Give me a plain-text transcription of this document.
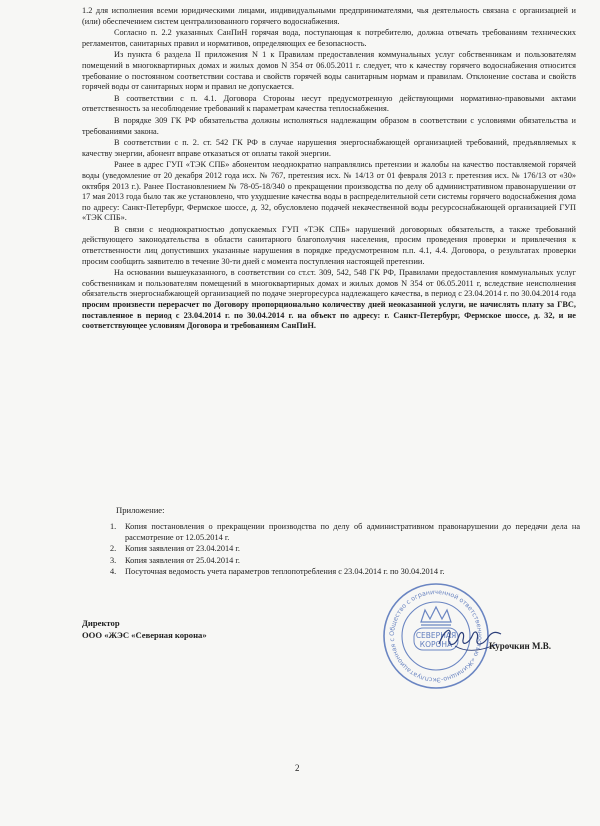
1.2 для исполнения всеми юридическими лицами, индивидуальными предпринимателями, чья деятельность связана с организацией и (или) обеспечением систем централизованного горячего водоснабжения.

Согласно п. 2.2 указанных СанПиН горячая вода, поступающая к потребителю, должна отвечать требованиям технических регламентов, санитарных правил и нормативов, определяющих ее безопасность.

Из пункта 6 раздела II приложения N 1 к Правилам предоставления коммунальных услуг собственникам и пользователям помещений в многоквартирных домах и жилых домов N 354 от 06.05.2011 г. следует, что к качеству горячего водоснабжения относится требование о постоянном соответствии состава и свойств горячей воды санитарным нормам и правилам. Отклонение состава и свойств горячей воды от санитарных норм и правил не допускается.

В соответствии с п. 4.1. Договора Стороны несут предусмотренную действующими нормативно-правовыми актами ответственность за несоблюдение требований к параметрам качества теплоснабжения.

В порядке 309 ГК РФ обязательства должны исполняться надлежащим образом в соответствии с условиями обязательства и требованиями закона.

В соответствии с п. 2. ст. 542 ГК РФ в случае нарушения энергоснабжающей организацией требований, предъявляемых к качеству энергии, абонент вправе отказаться от оплаты такой энергии.

Ранее в адрес ГУП «ТЭК СПБ» абонентом неоднократно направлялись претензии и жалобы на качество поставляемой горячей воды (уведомление от 20 декабря 2012 года исх. № 767, претензия исх. № 14/13 от 01 февраля 2013 г. претензия исх. № 176/13 от «30» октября 2013 г.). Ранее Постановлением № 78-05-18/340 о прекращении производства по делу об административном правонарушении от 17 мая 2013 года было так же установлено, что ухудшение качества воды в распределительной сети системы горячего водоснабжения дома по адресу: Санкт-Петербург, Фермское шоссе, д. 32, обусловлено подачей некачественной воды ресурсоснабжающей организацией ГУП «ТЭК СПБ».

В связи с неоднократностью допускаемых ГУП «ТЭК СПБ» нарушений договорных обязательств, а также требований действующего законодательства в области санитарного благополучия населения, просим проведения проверки и привлечения к ответственности лиц допустивших указанные нарушения в порядке предусмотренном п.п. 4.1, 4.4. Договора, о результатах проверки просим сообщить заявителю в течение 30-ти дней с момента поступления настоящей претензии.

На основании вышеуказанного, в соответствии со ст.ст. 309, 542, 548 ГК РФ, Правилами предоставления коммунальных услуг собственникам и пользователям помещений в многоквартирных домах и жилых домов N 354 от 06.05.2011 г, вследствие неисполнения обязательств энергоснабжающей организацией по подаче энергоресурса надлежащего качества, в период с 23.04.2014 г. по 30.04.2014 года просим произвести перерасчет по Договору пропорционально количеству дней неоказанной услуги, не начислять плату за ГВС, поставленное в период с 23.04.2014 г. по 30.04.2014 г. на объект по адресу: г. Санкт-Петербург, Фермское шоссе, д. 32, и не соответствующее условиям Договора и требованиям СанПиН.

Приложение:
1.	Копия постановления о прекращении производства по делу об административном правонарушении до передачи дела на рассмотрение от 12.05.2014 г.
2.	Копия заявления от 23.04.2014 г.
3.	Копия заявления от 25.04.2014 г.
4.	Посуточная ведомость учета параметров теплопотребления с 23.04.2014 г. по 30.04.2014 г.
Директор
ООО «ЖЭС «Северная корона»	Общество с ограниченной ответственностью «Жилищно-Эксплуатационная с	СЕВЕРНАЯ
КОРОНА	Курочкин М.В.
2
